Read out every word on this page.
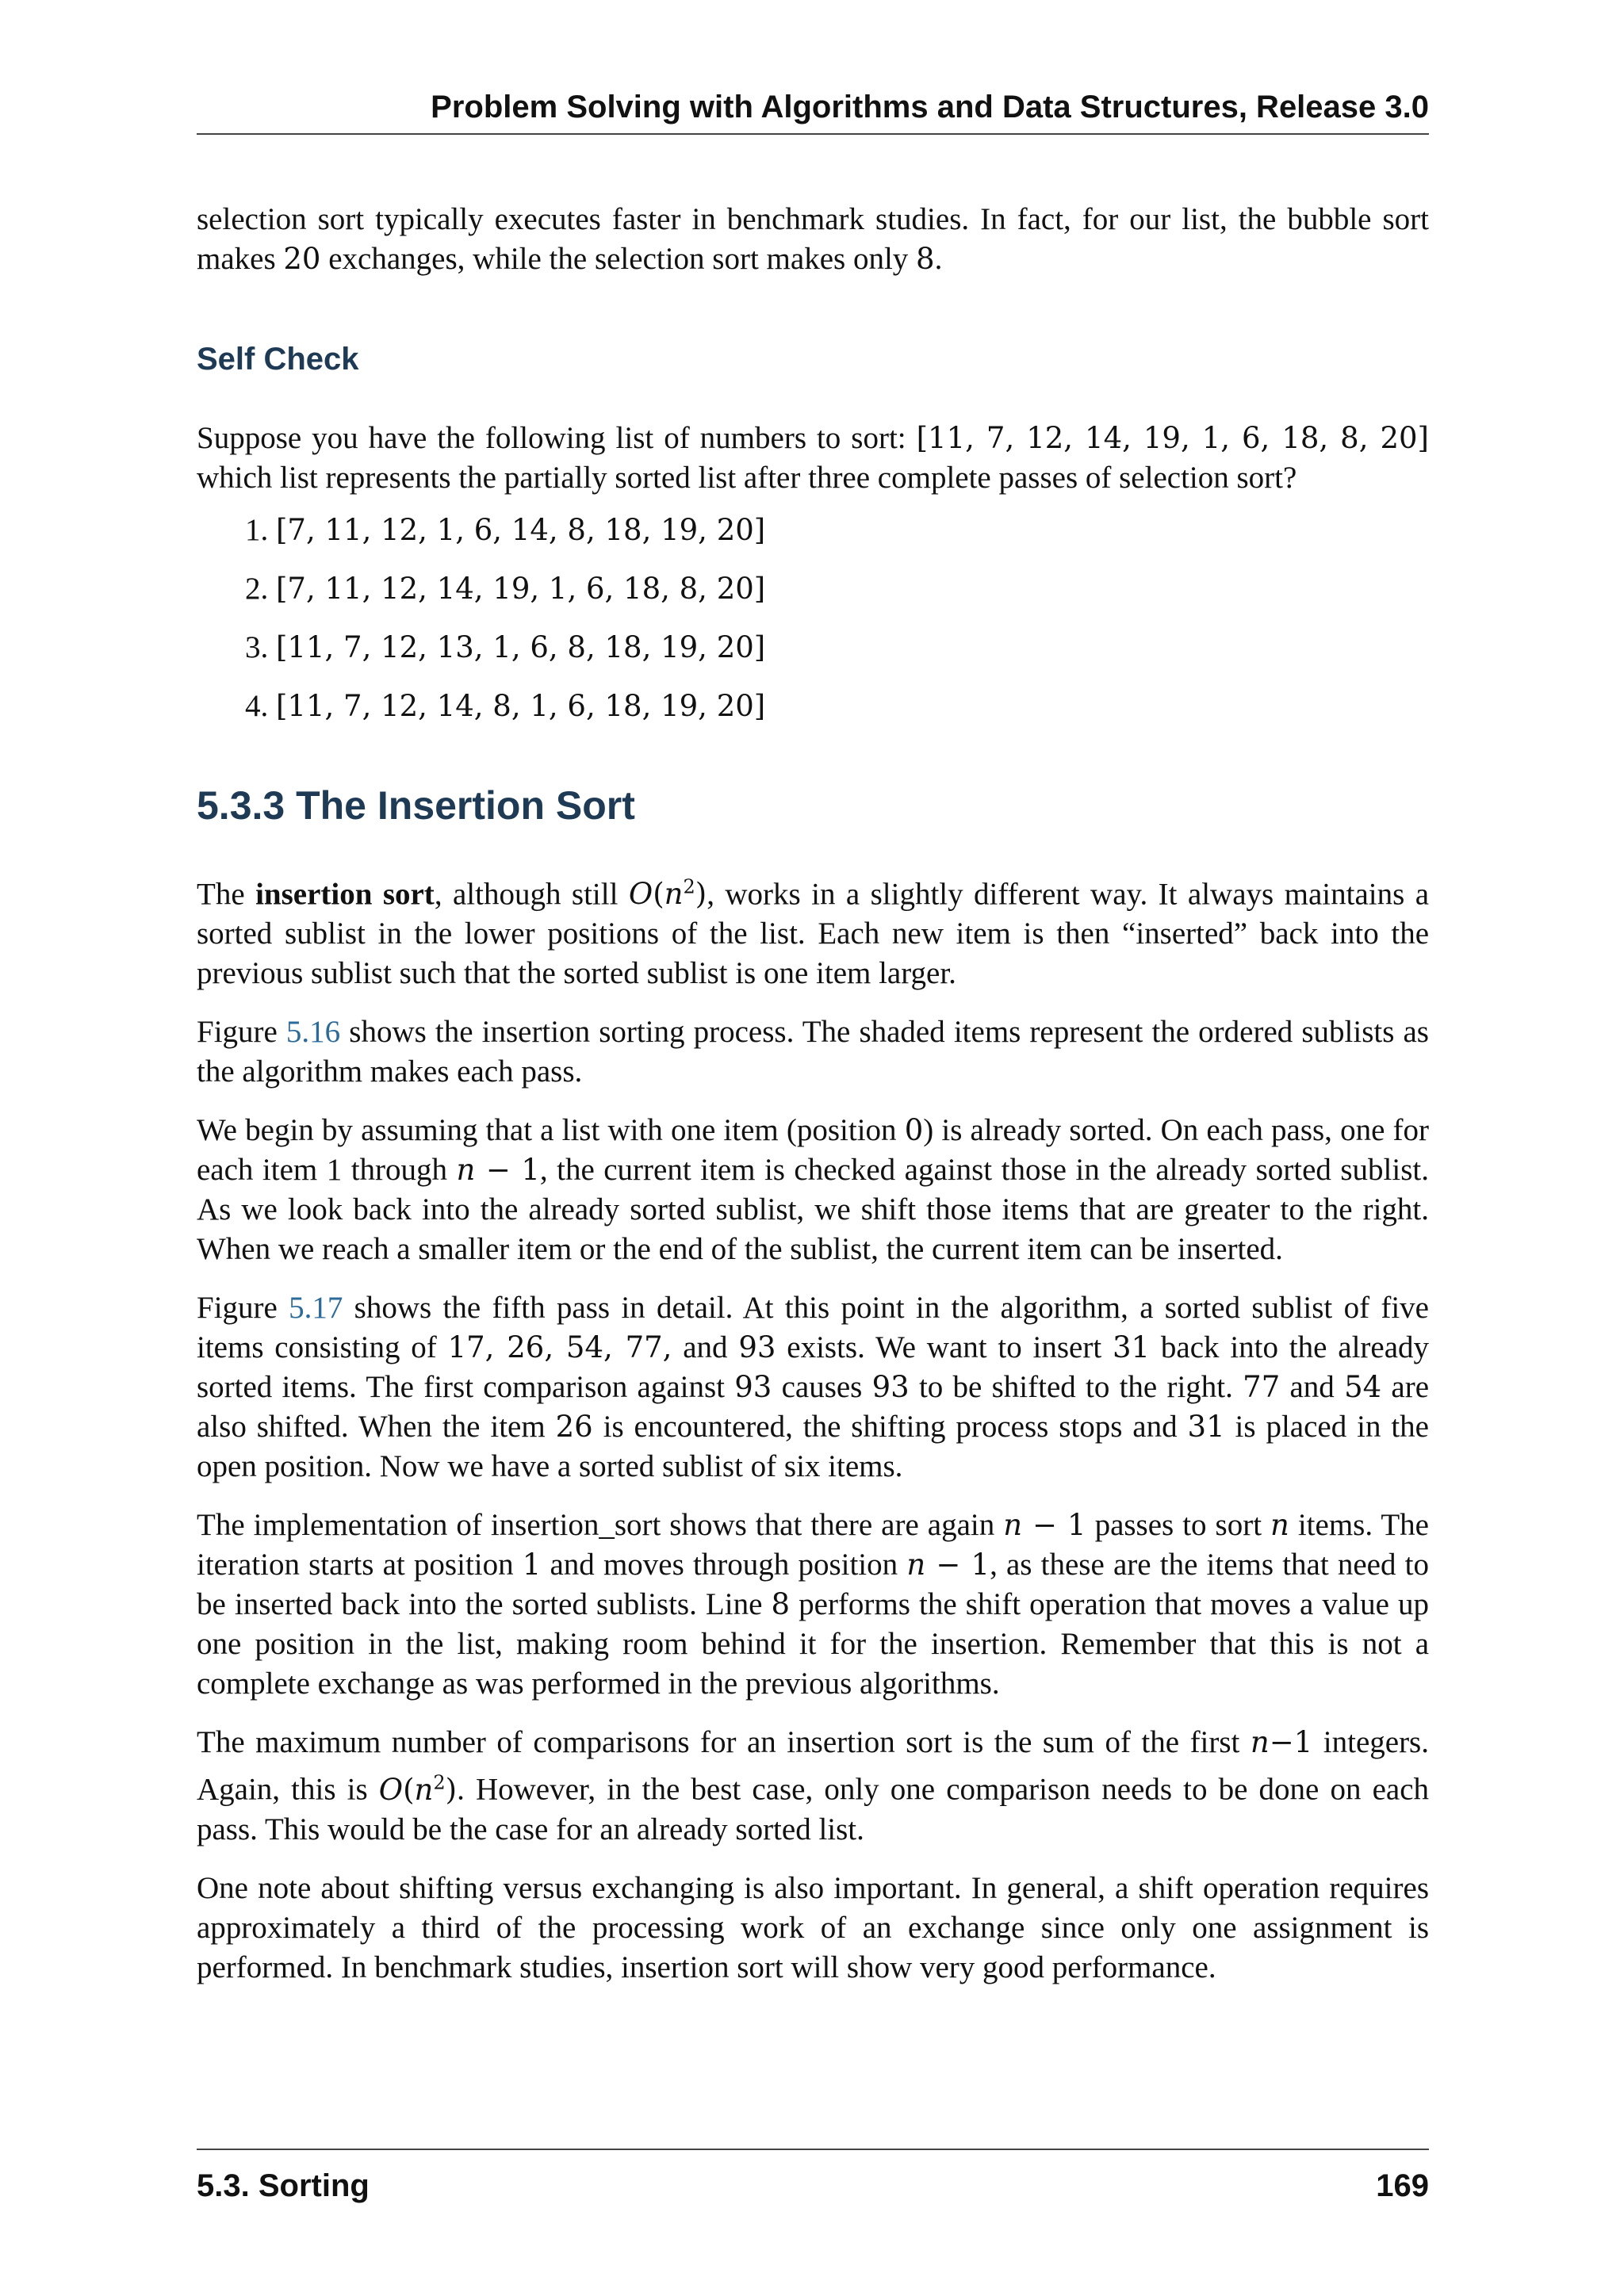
Problem Solving with Algorithms and Data Structures, Release 3.0

selection sort typically executes faster in benchmark studies. In fact, for our list, the bubble sort makes 20 exchanges, while the selection sort makes only 8.

Self Check

Suppose you have the following list of numbers to sort: [11, 7, 12, 14, 19, 1, 6, 18, 8, 20] which list represents the partially sorted list after three complete passes of selection sort?

1. [7, 11, 12, 1, 6, 14, 8, 18, 19, 20]
2. [7, 11, 12, 14, 19, 1, 6, 18, 8, 20]
3. [11, 7, 12, 13, 1, 6, 8, 18, 19, 20]
4. [11, 7, 12, 14, 8, 1, 6, 18, 19, 20]
5.3.3 The Insertion Sort

The insertion sort, although still $O(n^2)$, works in a slightly different way. It always maintains a sorted sublist in the lower positions of the list. Each new item is then “inserted” back into the previous sublist such that the sorted sublist is one item larger.

Figure 5.16 shows the insertion sorting process. The shaded items represent the ordered sublists as the algorithm makes each pass.

We begin by assuming that a list with one item (position 0) is already sorted. On each pass, one for each item 1 through n − 1, the current item is checked against those in the already sorted sublist. As we look back into the already sorted sublist, we shift those items that are greater to the right. When we reach a smaller item or the end of the sublist, the current item can be inserted.

Figure 5.17 shows the fifth pass in detail. At this point in the algorithm, a sorted sublist of five items consisting of 17, 26, 54, 77, and 93 exists. We want to insert 31 back into the already sorted items. The first comparison against 93 causes 93 to be shifted to the right. 77 and 54 are also shifted. When the item 26 is encountered, the shifting process stops and 31 is placed in the open position. Now we have a sorted sublist of six items.

The implementation of insertion_sort shows that there are again n − 1 passes to sort n items. The iteration starts at position 1 and moves through position n − 1, as these are the items that need to be inserted back into the sorted sublists. Line 8 performs the shift operation that moves a value up one position in the list, making room behind it for the insertion. Remember that this is not a complete exchange as was performed in the previous algorithms.

The maximum number of comparisons for an insertion sort is the sum of the first n−1 integers. Again, this is $O(n^2)$. However, in the best case, only one comparison needs to be done on each pass. This would be the case for an already sorted list.

One note about shifting versus exchanging is also important. In general, a shift operation requires approximately a third of the processing work of an exchange since only one assignment is performed. In benchmark studies, insertion sort will show very good performance.

5.3. Sorting	169
